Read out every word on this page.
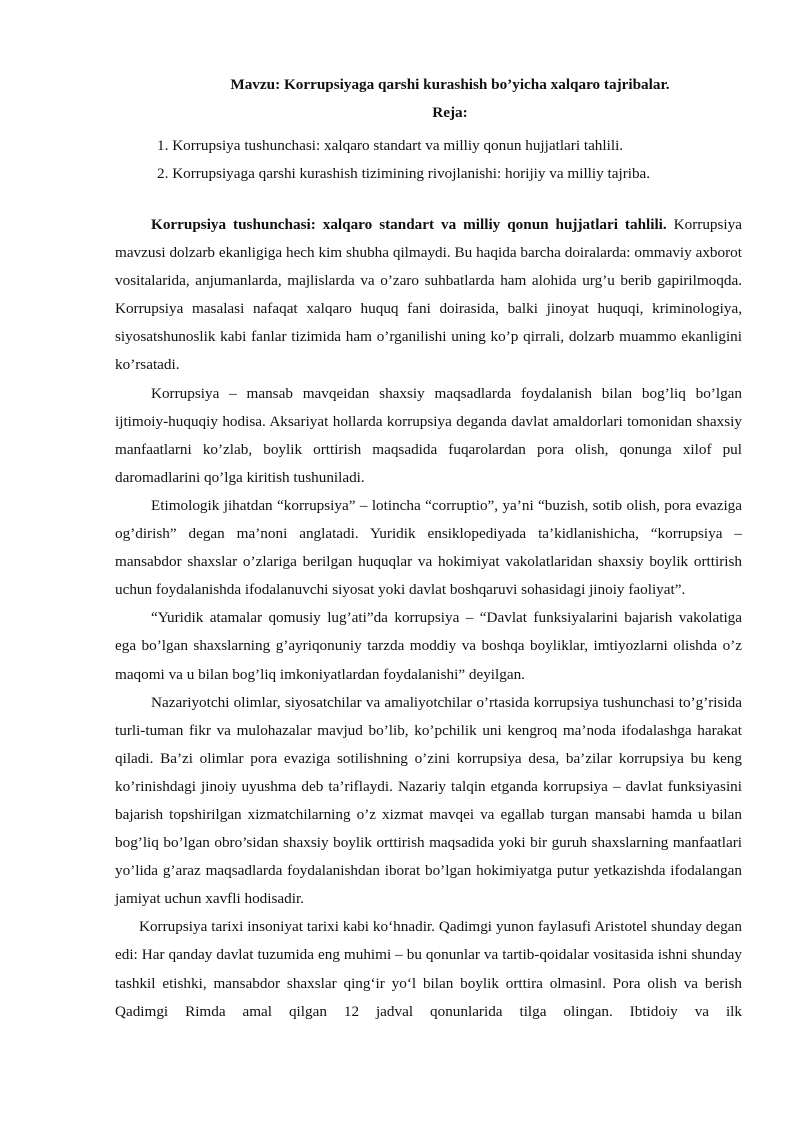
Mavzu: Korrupsiyaga qarshi kurashish bo’yicha xalqaro tajribalar.
Reja:
1. Korrupsiya tushunchasi: xalqaro standart va milliy qonun hujjatlari tahlili.
2. Korrupsiyaga qarshi kurashish tizimining rivojlanishi: horijiy va milliy tajriba.

Korrupsiya tushunchasi: xalqaro standart va milliy qonun hujjatlari tahlili. Korrupsiya mavzusi dolzarb ekanligiga hech kim shubha qilmaydi. Bu haqida barcha doiralarda: ommaviy axborot vositalarida, anjumanlarda, majlislarda va o’zaro suhbatlarda ham alohida urg’u berib gapirilmoqda. Korrupsiya masalasi nafaqat xalqaro huquq fani doirasida, balki jinoyat huquqi, kriminologiya, siyosatshunoslik kabi fanlar tizimida ham o’rganilishi uning ko’p qirrali, dolzarb muammo ekanligini ko’rsatadi.

Korrupsiya – mansab mavqeidan shaxsiy maqsadlarda foydalanish bilan bog’liq bo’lgan ijtimoiy-huquqiy hodisa. Aksariyat hollarda korrupsiya deganda davlat amaldorlari tomonidan shaxsiy manfaatlarni ko’zlab, boylik orttirish maqsadida fuqarolardan pora olish, qonunga xilof pul daromadlarini qo’lga kiritish tushuniladi.

Etimologik jihatdan “korrupsiya” – lotincha “corruptio”, ya’ni “buzish, sotib olish, pora evaziga og’dirish” degan ma’noni anglatadi. Yuridik ensiklopediyada ta’kidlanishicha, “korrupsiya – mansabdor shaxslar o’zlariga berilgan huquqlar va hokimiyat vakolatlaridan shaxsiy boylik orttirish uchun foydalanishda ifodalanuvchi siyosat yoki davlat boshqaruvi sohasidagi jinoiy faoliyat”.

“Yuridik atamalar qomusiy lug’ati”da korrupsiya – “Davlat funksiyalarini bajarish vakolatiga ega bo’lgan shaxslarning g’ayriqonuniy tarzda moddiy va boshqa boyliklar, imtiyozlarni olishda o’z maqomi va u bilan bog’liq imkoniyatlardan foydalanishi” deyilgan.

Nazariyotchi olimlar, siyosatchilar va amaliyotchilar o’rtasida korrupsiya tushunchasi to’g’risida turli-tuman fikr va mulohazalar mavjud bo’lib, ko’pchilik uni kengroq ma’noda ifodalashga harakat qiladi. Ba’zi olimlar pora evaziga sotilishning o’zini korrupsiya desa, ba’zilar korrupsiya bu keng ko’rinishdagi jinoiy uyushma deb ta’riflaydi. Nazariy talqin etganda korrupsiya – davlat funksiyasini bajarish topshirilgan xizmatchilarning o’z xizmat mavqei va egallab turgan mansabi hamda u bilan bog’liq bo’lgan obro’sidan shaxsiy boylik orttirish maqsadida yoki bir guruh shaxslarning manfaatlari yo’lida g’araz maqsadlarda foydalanishdan iborat bo’lgan hokimiyatga putur yetkazishda ifodalangan jamiyat uchun xavfli hodisadir.

Korrupsiya tarixi insoniyat tarixi kabi ko‘hnadir. Qadimgi yunon faylasufi Aristotel shunday degan edi: Har qanday davlat tuzumida eng muhimi – bu qonunlar va tartib-qoidalar vositasida ishni shunday tashkil etishki, mansabdor shaxslar qing‘ir yo‘l bilan boylik orttira olmasin‖. Pora olish va berish Qadimgi Rimda amal qilgan 12 jadval qonunlarida tilga olingan. Ibtidoiy va ilk
